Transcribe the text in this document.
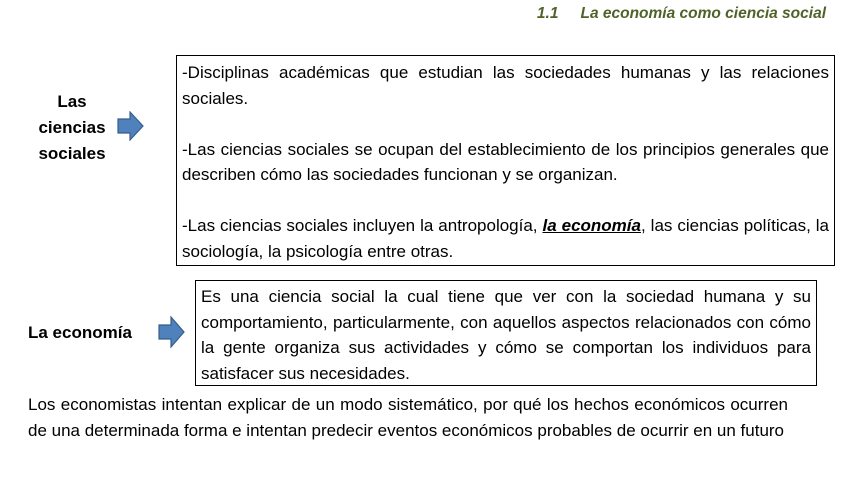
1.1 La economía como ciencia social
Las
ciencias
sociales

-Disciplinas académicas que estudian las sociedades humanas y las relaciones sociales.

-Las ciencias sociales se ocupan del establecimiento de los principios generales que describen cómo las sociedades funcionan y se organizan.

-Las ciencias sociales incluyen la antropología, la economía, las ciencias políticas, la sociología, la psicología entre otras.

La economía
Es una ciencia social la cual tiene que ver con la sociedad humana y su comportamiento, particularmente, con aquellos aspectos relacionados con cómo la gente organiza sus actividades y cómo se comportan los individuos para satisfacer sus necesidades.
Los economistas intentan explicar de un modo sistemático, por qué los hechos económicos ocurren de una determinada forma e intentan predecir eventos económicos probables de ocurrir en un futuro
